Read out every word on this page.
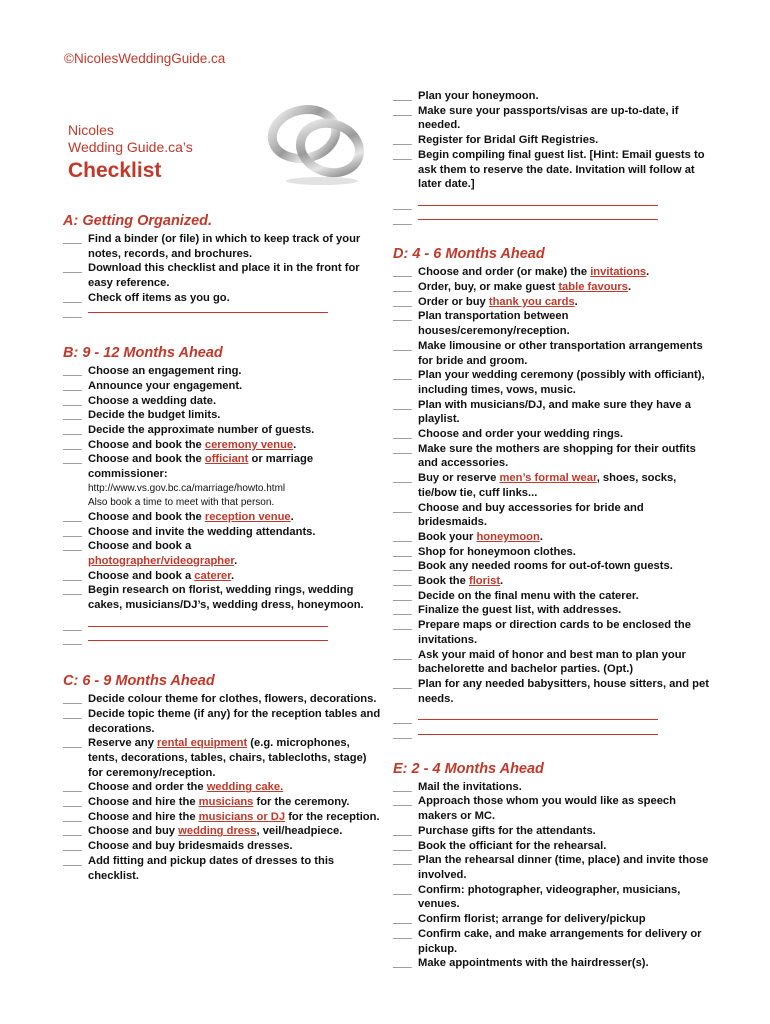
©NicolesWeddingGuide.ca
Nicoles
Wedding Guide.ca’s
Checklist
A: Getting Organized.
___ Find a binder (or file) in which to keep track of your notes, records, and brochures.
___ Download this checklist and place it in the front for easy reference.
___ Check off items as you go.
___
B: 9 - 12 Months Ahead
___ Choose an engagement ring.
___ Announce your engagement.
___ Choose a wedding date.
___ Decide the budget limits.
___ Decide the approximate number of guests.
___ Choose and book the ceremony venue.
___ Choose and book the officiant or marriage commissioner:
http://www.vs.gov.bc.ca/marriage/howto.html
Also book a time to meet with that person.
___ Choose and book the reception venue.
___ Choose and invite the wedding attendants.
___ Choose and book a
photographer/videographer.
___ Choose and book a caterer.
___ Begin research on florist, wedding rings, wedding cakes, musicians/DJ’s, wedding dress, honeymoon.
___
___
C: 6 - 9 Months Ahead
___ Decide colour theme for clothes, flowers, decorations.
___ Decide topic theme (if any) for the reception tables and decorations.
___ Reserve any rental equipment (e.g. microphones, tents, decorations, tables, chairs, tablecloths, stage) for ceremony/reception.
___ Choose and order the wedding cake.
___ Choose and hire the musicians for the ceremony.
___ Choose and hire the musicians or DJ for the reception.
___ Choose and buy wedding dress, veil/headpiece.
___ Choose and buy bridesmaids dresses.
___ Add fitting and pickup dates of dresses to this checklist.
___ Plan your honeymoon.
___ Make sure your passports/visas are up-to-date, if needed.
___ Register for Bridal Gift Registries.
___ Begin compiling final guest list. [Hint: Email guests to ask them to reserve the date. Invitation will follow at later date.]
___
___
D: 4 - 6 Months Ahead
___ Choose and order (or make) the invitations.
___ Order, buy, or make guest table favours.
___ Order or buy thank you cards.
___ Plan transportation between houses/ceremony/reception.
___ Make limousine or other transportation arrangements for bride and groom.
___ Plan your wedding ceremony (possibly with officiant), including times, vows, music.
___ Plan with musicians/DJ, and make sure they have a playlist.
___ Choose and order your wedding rings.
___ Make sure the mothers are shopping for their outfits and accessories.
___ Buy or reserve men’s formal wear, shoes, socks, tie/bow tie, cuff links...
___ Choose and buy accessories for bride and bridesmaids.
___ Book your honeymoon.
___ Shop for honeymoon clothes.
___ Book any needed rooms for out-of-town guests.
___ Book the florist.
___ Decide on the final menu with the caterer.
___ Finalize the guest list, with addresses.
___ Prepare maps or direction cards to be enclosed the invitations.
___ Ask your maid of honor and best man to plan your bachelorette and bachelor parties. (Opt.)
___ Plan for any needed babysitters, house sitters, and pet needs.
___
___
E: 2 - 4 Months Ahead
___ Mail the invitations.
___ Approach those whom you would like as speech makers or MC.
___ Purchase gifts for the attendants.
___ Book the officiant for the rehearsal.
___ Plan the rehearsal dinner (time, place) and invite those involved.
___ Confirm: photographer, videographer, musicians, venues.
___ Confirm florist; arrange for delivery/pickup
___ Confirm cake, and make arrangements for delivery or pickup.
___ Make appointments with the hairdresser(s).
